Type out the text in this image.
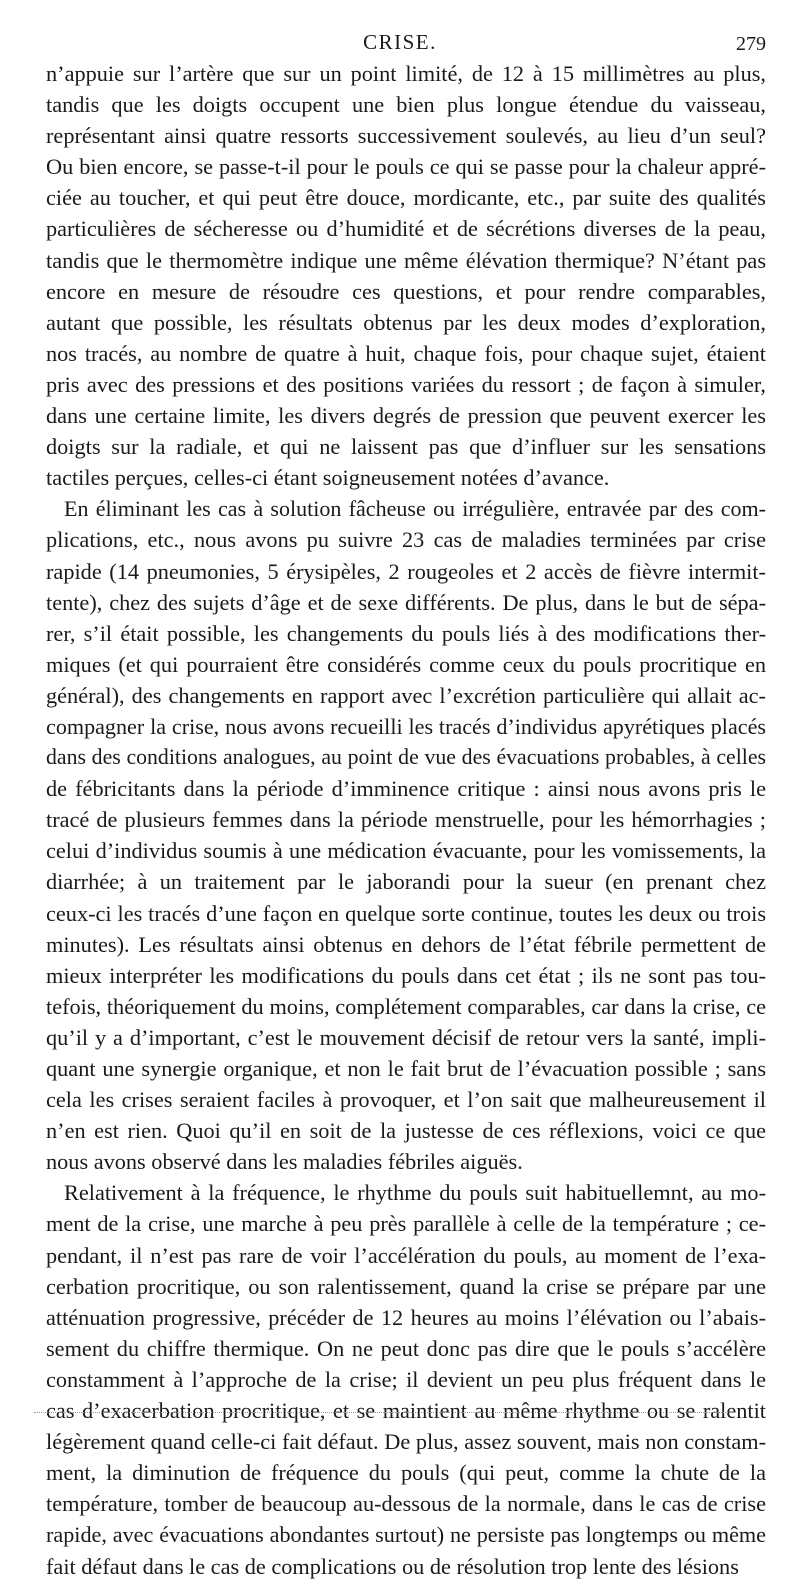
CRISE.	279
n’appuie sur l’artère que sur un point limité, de 12 à 15 millimètres au plus,
tandis que les doigts occupent une bien plus longue étendue du vaisseau,
représentant ainsi quatre ressorts successivement soulevés, au lieu d’un seul?
Ou bien encore, se passe-t-il pour le pouls ce qui se passe pour la chaleur appré-
ciée au toucher, et qui peut être douce, mordicante, etc., par suite des qualités
particulières de sécheresse ou d’humidité et de sécrétions diverses de la peau,
tandis que le thermomètre indique une même élévation thermique? N’étant pas
encore en mesure de résoudre ces questions, et pour rendre comparables,
autant que possible, les résultats obtenus par les deux modes d’exploration,
nos tracés, au nombre de quatre à huit, chaque fois, pour chaque sujet, étaient
pris avec des pressions et des positions variées du ressort ; de façon à simuler,
dans une certaine limite, les divers degrés de pression que peuvent exercer les
doigts sur la radiale, et qui ne laissent pas que d’influer sur les sensations
tactiles perçues, celles-ci étant soigneusement notées d’avance.
En éliminant les cas à solution fâcheuse ou irrégulière, entravée par des com-
plications, etc., nous avons pu suivre 23 cas de maladies terminées par crise
rapide (14 pneumonies, 5 érysipèles, 2 rougeoles et 2 accès de fièvre intermit-
tente), chez des sujets d’âge et de sexe différents. De plus, dans le but de sépa-
rer, s’il était possible, les changements du pouls liés à des modifications ther-
miques (et qui pourraient être considérés comme ceux du pouls procritique en
général), des changements en rapport avec l’excrétion particulière qui allait ac-
compagner la crise, nous avons recueilli les tracés d’individus apyrétiques placés
dans des conditions analogues, au point de vue des évacuations probables, à celles
de fébricitants dans la période d’imminence critique : ainsi nous avons pris le
tracé de plusieurs femmes dans la période menstruelle, pour les hémorrhagies ;
celui d’individus soumis à une médication évacuante, pour les vomissements, la
diarrhée; à un traitement par le jaborandi pour la sueur (en prenant chez
ceux-ci les tracés d’une façon en quelque sorte continue, toutes les deux ou trois
minutes). Les résultats ainsi obtenus en dehors de l’état fébrile permettent de
mieux interpréter les modifications du pouls dans cet état ; ils ne sont pas tou-
tefois, théoriquement du moins, complétement comparables, car dans la crise, ce
qu’il y a d’important, c’est le mouvement décisif de retour vers la santé, impli-
quant une synergie organique, et non le fait brut de l’évacuation possible ; sans
cela les crises seraient faciles à provoquer, et l’on sait que malheureusement il
n’en est rien. Quoi qu’il en soit de la justesse de ces réflexions, voici ce que
nous avons observé dans les maladies fébriles aiguës.
Relativement à la fréquence, le rhythme du pouls suit habituellemnt, au mo-
ment de la crise, une marche à peu près parallèle à celle de la température ; ce-
pendant, il n’est pas rare de voir l’accélération du pouls, au moment de l’exa-
cerbation procritique, ou son ralentissement, quand la crise se prépare par une
atténuation progressive, précéder de 12 heures au moins l’élévation ou l’abais-
sement du chiffre thermique. On ne peut donc pas dire que le pouls s’accélère
constamment à l’approche de la crise; il devient un peu plus fréquent dans le
cas d’exacerbation procritique, et se maintient au même rhythme ou se ralentit
légèrement quand celle-ci fait défaut. De plus, assez souvent, mais non constam-
ment, la diminution de fréquence du pouls (qui peut, comme la chute de la
température, tomber de beaucoup au-dessous de la normale, dans le cas de crise
rapide, avec évacuations abondantes surtout) ne persiste pas longtemps ou même
fait défaut dans le cas de complications ou de résolution trop lente des lésions
